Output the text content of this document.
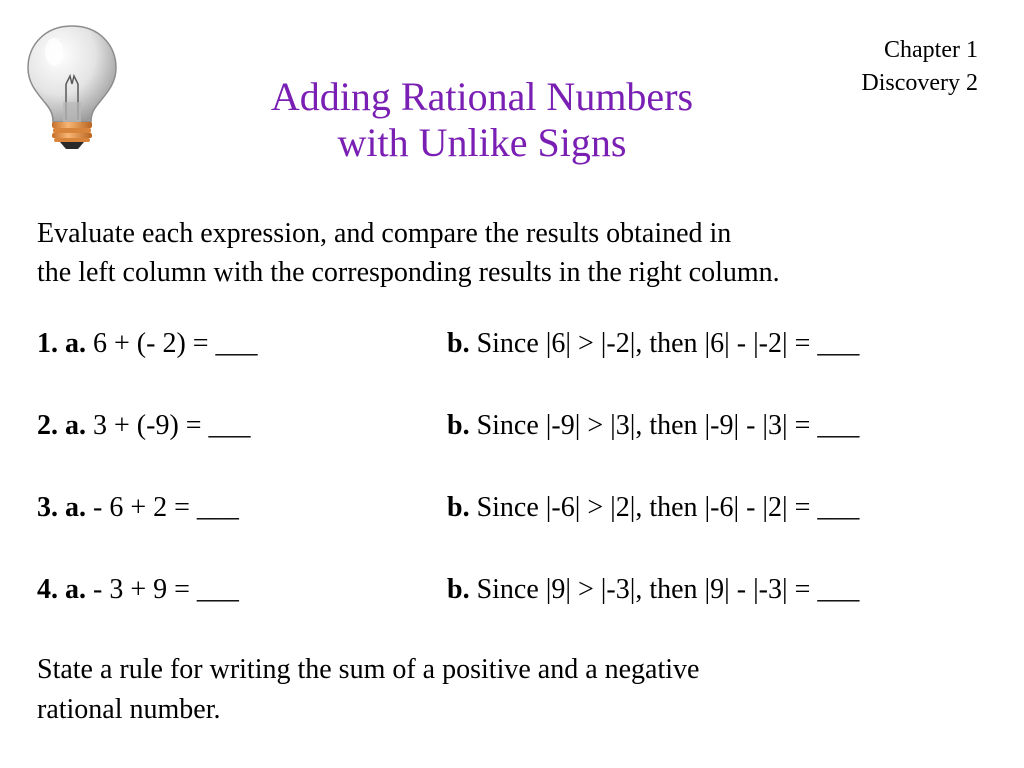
Chapter 1
Discovery 2
Adding Rational Numbers
with Unlike Signs
Evaluate each expression, and compare the results obtained in
the left column with the corresponding results in the right column.
1. a. 6 + (- 2) = ___	b. Since |6| > |-2|, then |6| - |-2| = ___
2. a. 3 + (-9) = ___	b. Since |-9| > |3|, then |-9| - |3| = ___
3. a. - 6 + 2 = ___	b. Since |-6| > |2|, then |-6| - |2| = ___
4. a. - 3 + 9 = ___	b. Since |9| > |-3|, then |9| - |-3| = ___
State a rule for writing the sum of a positive and a negative
rational number.
